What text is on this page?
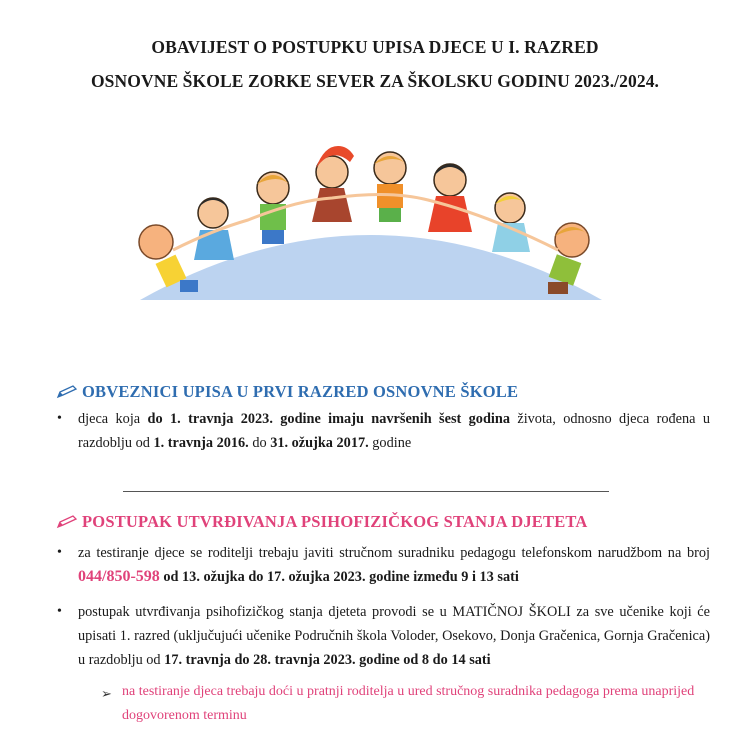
OBAVIJEST O POSTUPKU UPISA DJECE U I. RAZRED
OSNOVNE ŠKOLE ZORKE SEVER ZA ŠKOLSKU GODINU 2023./2024.
OBVEZNICI UPISA U PRVI RAZRED OSNOVNE ŠKOLE
•	djeca koja do 1. travnja 2023. godine imaju navršenih šest godina života, odnosno djeca rođena u razdoblju od 1. travnja 2016. do 31. ožujka 2017. godine
POSTUPAK UTVRĐIVANJA PSIHOFIZIČKOG STANJA DJETETA
•	za testiranje djece se roditelji trebaju javiti stručnom suradniku pedagogu telefonskom narudžbom na broj 044/850-598 od 13. ožujka do 17. ožujka 2023. godine između 9 i 13 sati
•	postupak utvrđivanja psihofizičkog stanja djeteta provodi se u MATIČNOJ ŠKOLI za sve učenike koji će upisati 1. razred (uključujući učenike Područnih škola Voloder, Osekovo, Donja Gračenica, Gornja Gračenica) u razdoblju od 17. travnja do 28. travnja 2023. godine od 8 do 14 sati
➢ na testiranje djeca trebaju doći u pratnji roditelja u ured stručnog suradnika pedagoga prema unaprijed dogovorenom terminu
